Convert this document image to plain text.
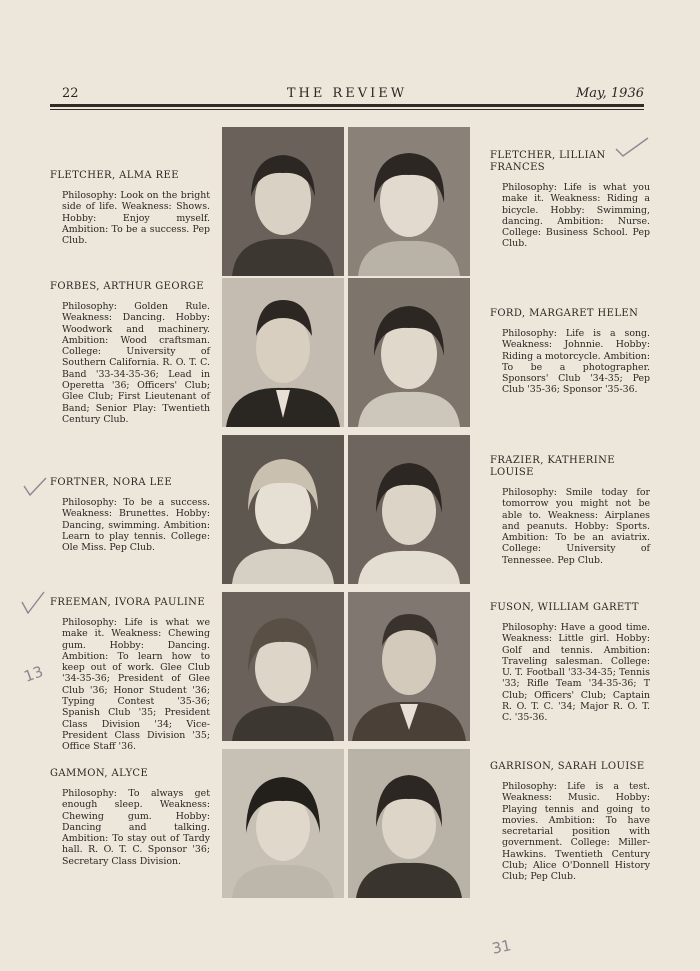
22	THE REVIEW	May, 1936

FLETCHER, ALMA REE

Philosophy: Look on the bright side of life. Weakness: Shows. Hobby: Enjoy myself. Ambition: To be a success. Pep Club.

FORBES, ARTHUR GEORGE

Philosophy: Golden Rule. Weakness: Dancing. Hobby: Woodwork and machinery. Ambition: Wood craftsman. College: University of Southern California. R. O. T. C. Band '33-34-35-36; Lead in Operetta '36; Officers' Club; Glee Club; First Lieutenant of Band; Senior Play: Twentieth Century Club.

FORTNER, NORA LEE

Philosophy: To be a success. Weakness: Brunettes. Hobby: Dancing, swimming. Ambition: Learn to play tennis. College: Ole Miss. Pep Club.

FREEMAN, IVORA PAULINE

Philosophy: Life is what we make it. Weakness: Chewing gum. Hobby: Dancing. Ambition: To learn how to keep out of work. Glee Club '34-35-36; President of Glee Club '36; Honor Student '36; Typing Contest '35-36; Spanish Club '35; President Class Division '34; Vice-President Class Division '35; Office Staff '36.

GAMMON, ALYCE

Philosophy: To always get enough sleep. Weakness: Chewing gum. Hobby: Dancing and talking. Ambition: To stay out of Tardy hall. R. O. T. C. Sponsor '36; Secretary Class Division.

FLETCHER, LILLIAN FRANCES

Philosophy: Life is what you make it. Weakness: Riding a bicycle. Hobby: Swimming, dancing. Ambition: Nurse. College: Business School. Pep Club.

FORD, MARGARET HELEN

Philosophy: Life is a song. Weakness: Johnnie. Hobby: Riding a motorcycle. Ambition: To be a photographer. Sponsors' Club '34-35; Pep Club '35-36; Sponsor '35-36.

FRAZIER, KATHERINE LOUISE

Philosophy: Smile today for tomorrow you might not be able to. Weakness: Airplanes and peanuts. Hobby: Sports. Ambition: To be an aviatrix. College: University of Tennessee. Pep Club.

FUSON, WILLIAM GARETT

Philosophy: Have a good time. Weakness: Little girl. Hobby: Golf and tennis. Ambition: Traveling salesman. College: U. T. Football '33-34-35; Tennis '33; Rifle Team '34-35-36; T Club; Officers' Club; Captain R. O. T. C. '34; Major R. O. T. C. '35-36.

GARRISON, SARAH LOUISE

Philosophy: Life is a test. Weakness: Music. Hobby: Playing tennis and going to movies. Ambition: To have secretarial position with government. College: Miller-Hawkins. Twentieth Century Club; Alice O'Donnell History Club; Pep Club.

13
31
